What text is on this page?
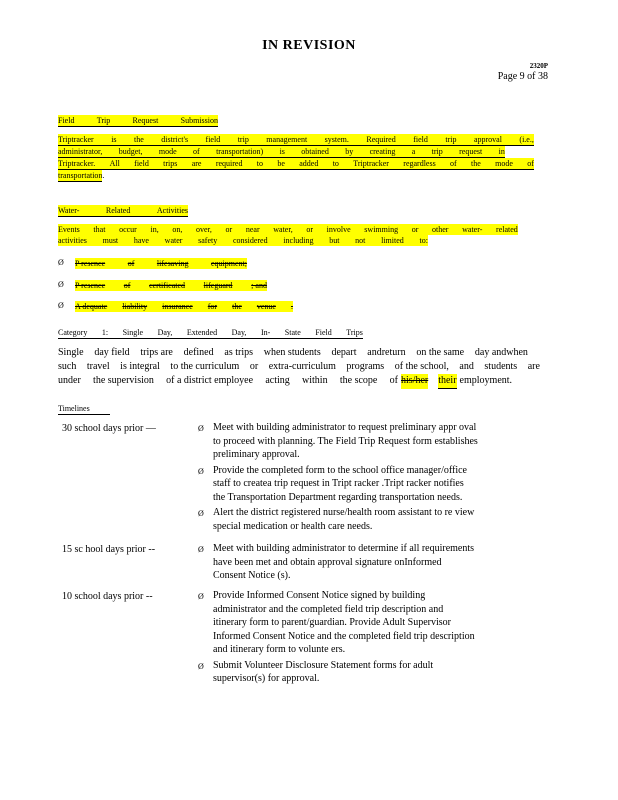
IN REVISION
2320P
Page 9 of 38
Field	Trip	Request	Submission
Triptracker is the district's field trip management system. Required field trip approval (i.e.,
administrator, budget, mode of transportation) is obtained by creating a trip request in
Triptracker. All field trips are required to be added to Triptracker regardless of the mode of
transportation.
Water-	Related	Activities
Events that occur in, on, over, or near water, or involve swimming or other water- related
activities must have water safety considered including but not limited to:
Ø P resence	of	lifesaving	equipment;
Ø P resence of certificated lifeguard ; and
Ø A dequate liability insurance for the venue .
Category 1: Single Day, Extended Day, In- State Field Trips
Single day field trips are defined as trips when students depart andreturn on the same day andwhen
such travel is integral to the curriculum or extra-curriculum programs of the school, and students are
under the supervision of a district employee acting within the scope of his/her their employment.
Timelines
30 school days prior —	Ø Meet with building administrator to request preliminary appr oval
to proceed with planning. The Field Trip Request form establishes
preliminary approval.
Ø Provide the completed form to the school office manager/office
staff to createa trip request in Tript racker .Tript racker notifies
the Transportation Department regarding transportation needs.
Ø Alert the district registered nurse/health room assistant to re view
special medication or health care needs.
15 sc hool days prior --	Ø Meet with building administrator to determine if all requirements
have been met and obtain approval signature onInformed
Consent Notice (s).
10 school days prior --	Ø Provide Informed Consent Notice signed by building
administrator and the completed field trip description and
itinerary form to parent/guardian. Provide Adult Supervisor
Informed Consent Notice and the completed field trip description
and itinerary form to volunte ers.
Ø Submit Volunteer Disclosure Statement forms for adult
supervisor(s) for approval.
